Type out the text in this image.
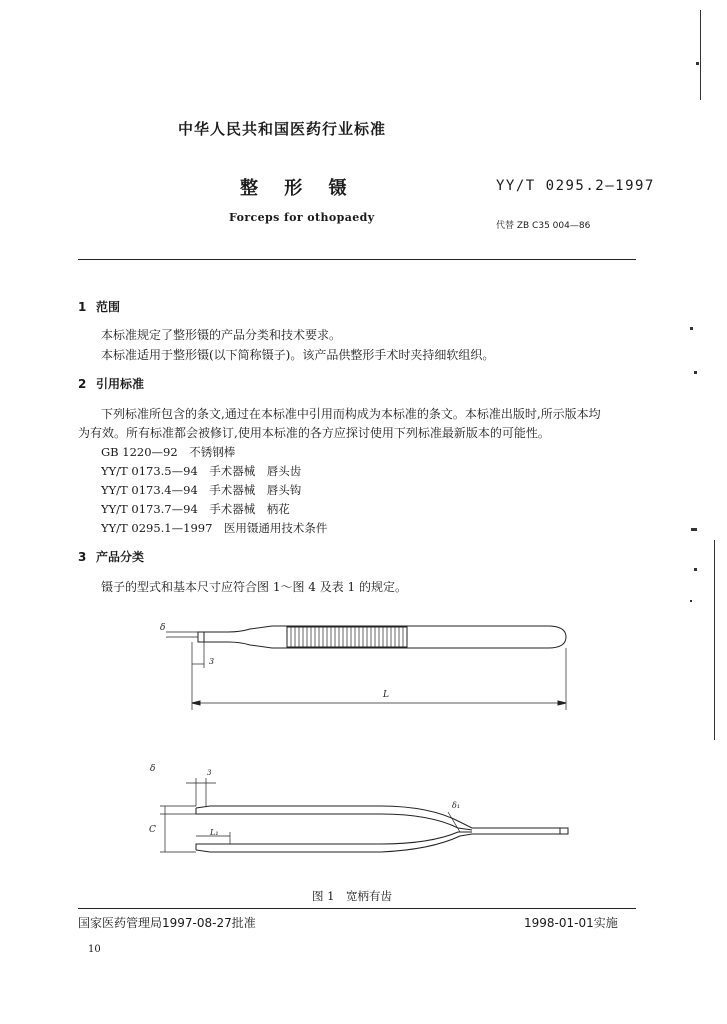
中华人民共和国医药行业标准
整 形 镊	YY/T 0295.2—1997
Forceps for othopaedy
代替 ZB C35 004—86
1 范围
本标准规定了整形镊的产品分类和技术要求。
本标准适用于整形镊(以下简称镊子)。该产品供整形手术时夹持细软组织。
2 引用标准
下列标准所包含的条文,通过在本标准中引用而构成为本标准的条文。本标准出版时,所示版本均
为有效。所有标准都会被修订,使用本标准的各方应探讨使用下列标准最新版本的可能性。
GB 1220—92　不锈钢棒
YY/T 0173.5—94　手术器械　唇头齿
YY/T 0173.4—94　手术器械　唇头钩
YY/T 0173.7—94　手术器械　柄花
YY/T 0295.1—1997　医用镊通用技术条件
3 产品分类
镊子的型式和基本尺寸应符合图 1～图 4 及表 1 的规定。
δ
3
L
δ	3
C	L₁
δ₁
图 1　宽柄有齿
国家医药管理局1997-08-27批准	1998-01-01实施
10
